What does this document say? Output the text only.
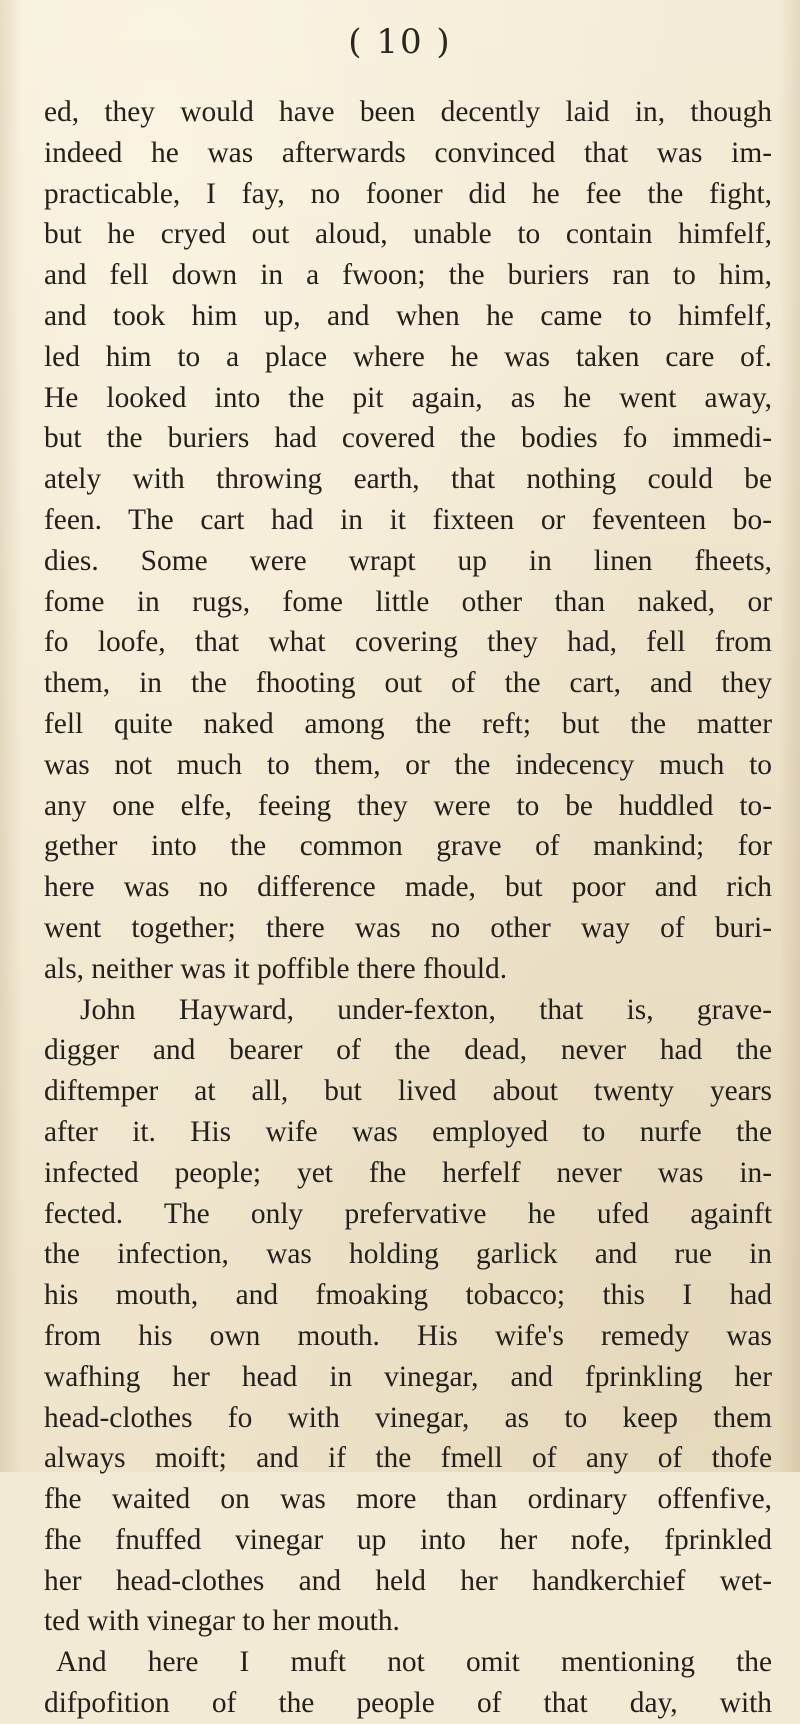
( 10 )
ed, they would have been decently laid in, though
indeed he was afterwards convinced that was im-
practicable, I fay, no fooner did he fee the fight,
but he cryed out aloud, unable to contain himfelf,
and fell down in a fwoon; the buriers ran to him,
and took him up, and when he came to himfelf,
led him to a place where he was taken care of.
He looked into the pit again, as he went away,
but the buriers had covered the bodies fo immedi-
ately with throwing earth, that nothing could be
feen. The cart had in it fixteen or feventeen bo-
dies. Some were wrapt up in linen fheets,
fome in rugs, fome little other than naked, or
fo loofe, that what covering they had, fell from
them, in the fhooting out of the cart, and they
fell quite naked among the reft; but the matter
was not much to them, or the indecency much to
any one elfe, feeing they were to be huddled to-
gether into the common grave of mankind; for
here was no difference made, but poor and rich
went together; there was no other way of buri-
als, neither was it poffible there fhould.
John Hayward, under-fexton, that is, grave-
digger and bearer of the dead, never had the
diftemper at all, but lived about twenty years
after it. His wife was employed to nurfe the
infected people; yet fhe herfelf never was in-
fected. The only prefervative he ufed againft
the infection, was holding garlick and rue in
his mouth, and fmoaking tobacco; this I had
from his own mouth. His wife's remedy was
wafhing her head in vinegar, and fprinkling her
head-clothes fo with vinegar, as to keep them
always moift; and if the fmell of any of thofe
fhe waited on was more than ordinary offenfive,
fhe fnuffed vinegar up into her nofe, fprinkled
her head-clothes and held her handkerchief wet-
ted with vinegar to her mouth.
And here I muft not omit mentioning the
difpofition of the people of that day, with
